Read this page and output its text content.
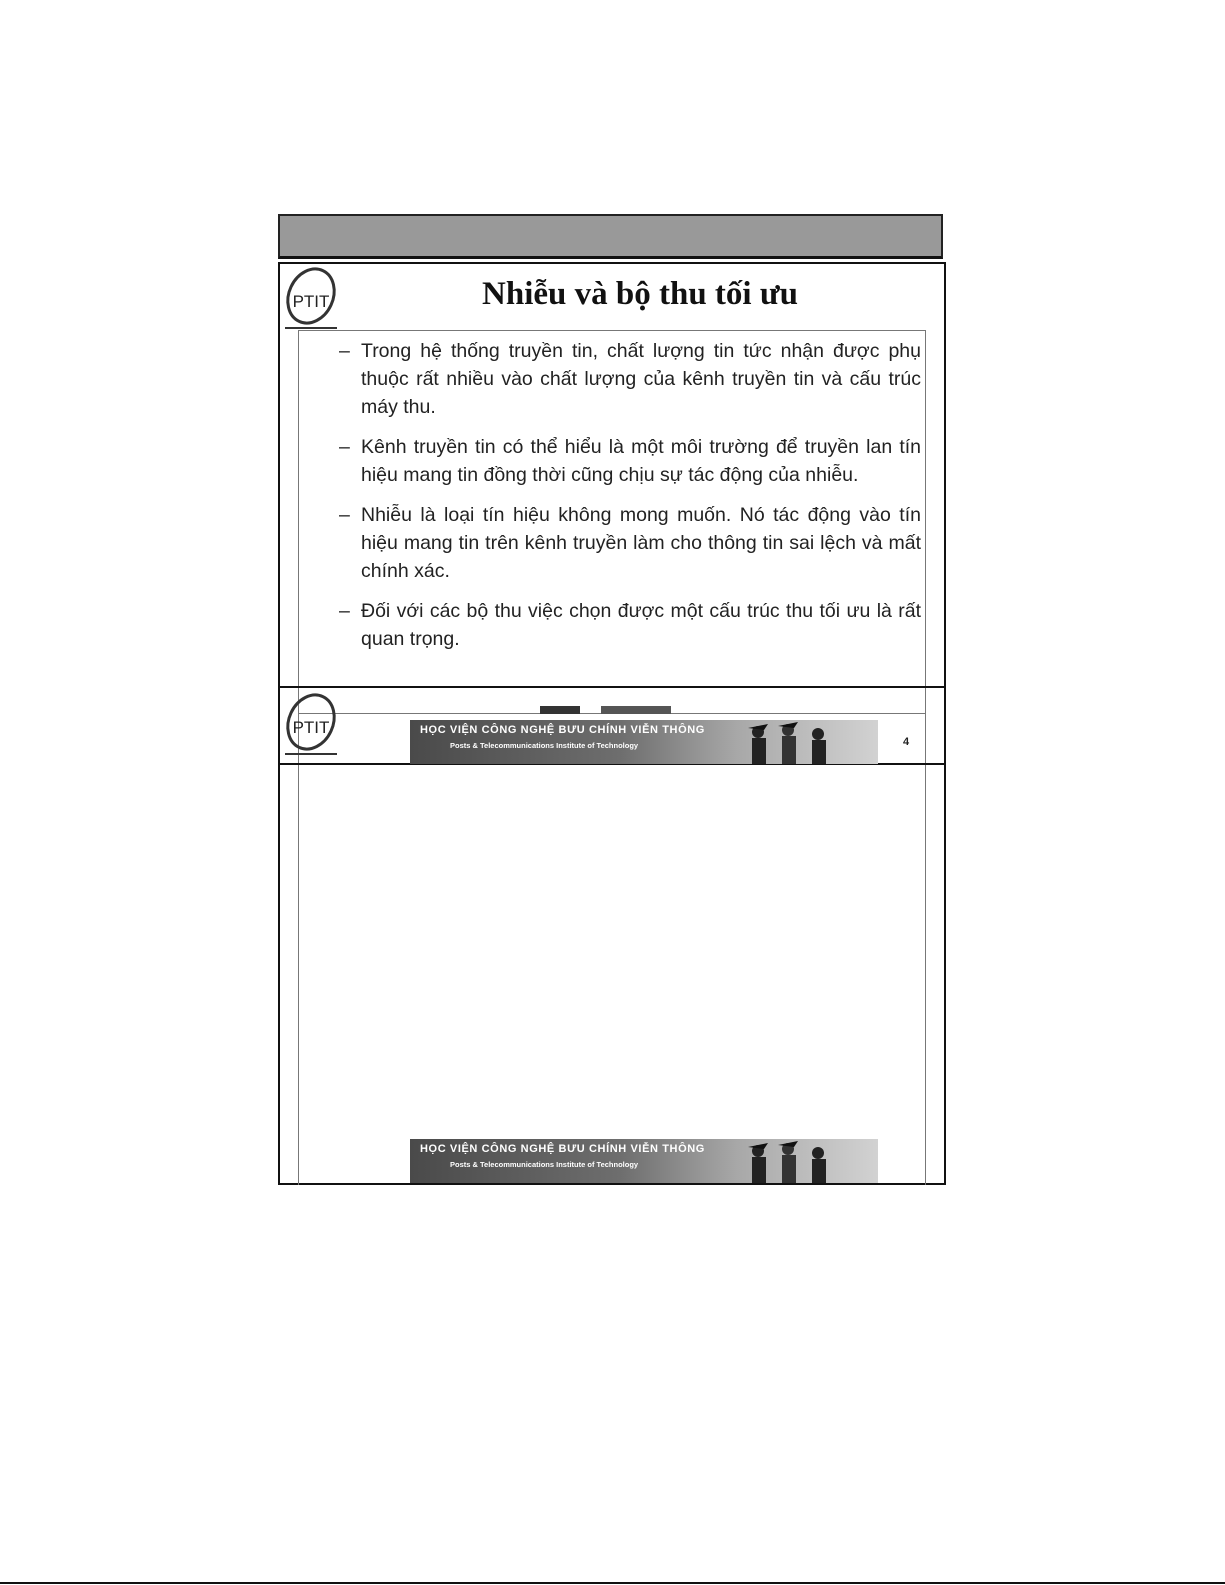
PTIT	Nhiễu và bộ thu tối ưu
– Trong hệ thống truyền tin, chất lượng tin tức nhận được phụ thuộc rất nhiều vào chất lượng của kênh truyền tin và cấu trúc máy thu.
– Kênh truyền tin có thể hiểu là một môi trường để truyền lan tín hiệu mang tin đồng thời cũng chịu sự tác động của nhiễu.
– Nhiễu là loại tín hiệu không mong muốn. Nó tác động vào tín hiệu mang tin trên kênh truyền làm cho thông tin sai lệch và mất chính xác.
– Đối với các bộ thu việc chọn được một cấu trúc thu tối ưu là rất quan trọng.
PTIT	HỌC VIỆN CÔNG NGHỆ BƯU CHÍNH VIỄN THÔNG
Posts & Telecommunications Institute of Technology	4
HỌC VIỆN CÔNG NGHỆ BƯU CHÍNH VIỄN THÔNG
Posts & Telecommunications Institute of Technology
